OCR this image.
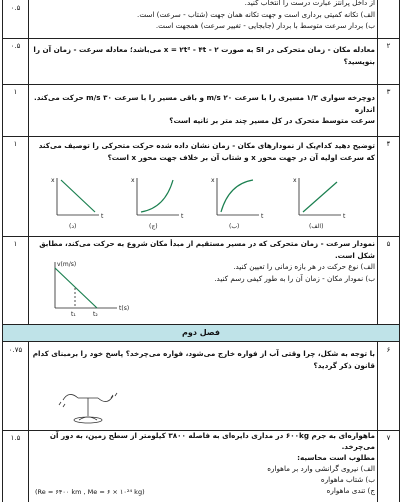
۰.۵

از داخل پرانتز عبارت درست را انتخاب کنید.

الف) تکانه کمیتی برداری است و جهت تکانه همان جهت (شتاب - سرعت) است.

ب) بردار سرعت متوسط با بردار (جابجایی - تغییر سرعت) همجهت است.

۰.۵	۲

معادله مکان - زمان متحرکی در SI به صورت x = ۲t² - ۴t - ۲ می‌باشد؛ معادله سرعت - زمان آن را بنویسید؟

۱	۳

دوچرخه سواری ۱/۳ مسیری را با سرعت ۲۰ m/s و باقی مسیر را با سرعت ۳۰ m/s حرکت می‌کند. اندازه

سرعت متوسط متحرک در کل مسیر چند متر بر ثانیه است؟

۱	۴

توضیح دهید کدام‌یک از نمودارهای مکان - زمان نشان داده شده حرکت متحرکی را توصیف می‌کند

که سرعت اولیه آن در جهت محور x و شتاب آن بر خلاف جهت محور x است؟

x
t
x
t
x
t
x
t
(د)	(ج)	(ب)	(الف)
۱	۵

نمودار سرعت - زمان متحرکی که در مسیر مستقیم از مبدأ مکان شروع به حرکت می‌کند، مطابق

شکل است.

الف) نوع حرکت در هر بازه زمانی را تعیین کنید.

ب) نمودار مکان - زمان آن را به طور کیفی رسم کنید.

v(m/s)
t(s)
t₁	t₂
فصل دوم
۰.۷۵	۶

با توجه به شکل، چرا وقتی آب از فواره خارج می‌شود، فواره می‌چرخد؟ پاسخ خود را برمبنای کدام

قانون ذکر گردید؟

۱.۵	۷

ماهواره‌ای به جرم ۶۰۰kg در مداری دایره‌ای به فاصله ۳۸۰۰ کیلومتر از سطح زمین، به دور آن می‌چرخد.

مطلوب است محاسبه:

الف) نیروی گرانشی وارد بر ماهواره

ب) شتاب ماهواره

ج) تندی ماهواره

(Re = ۶۴۰۰ km , Me = ۶ × ۱۰²⁴ kg)
